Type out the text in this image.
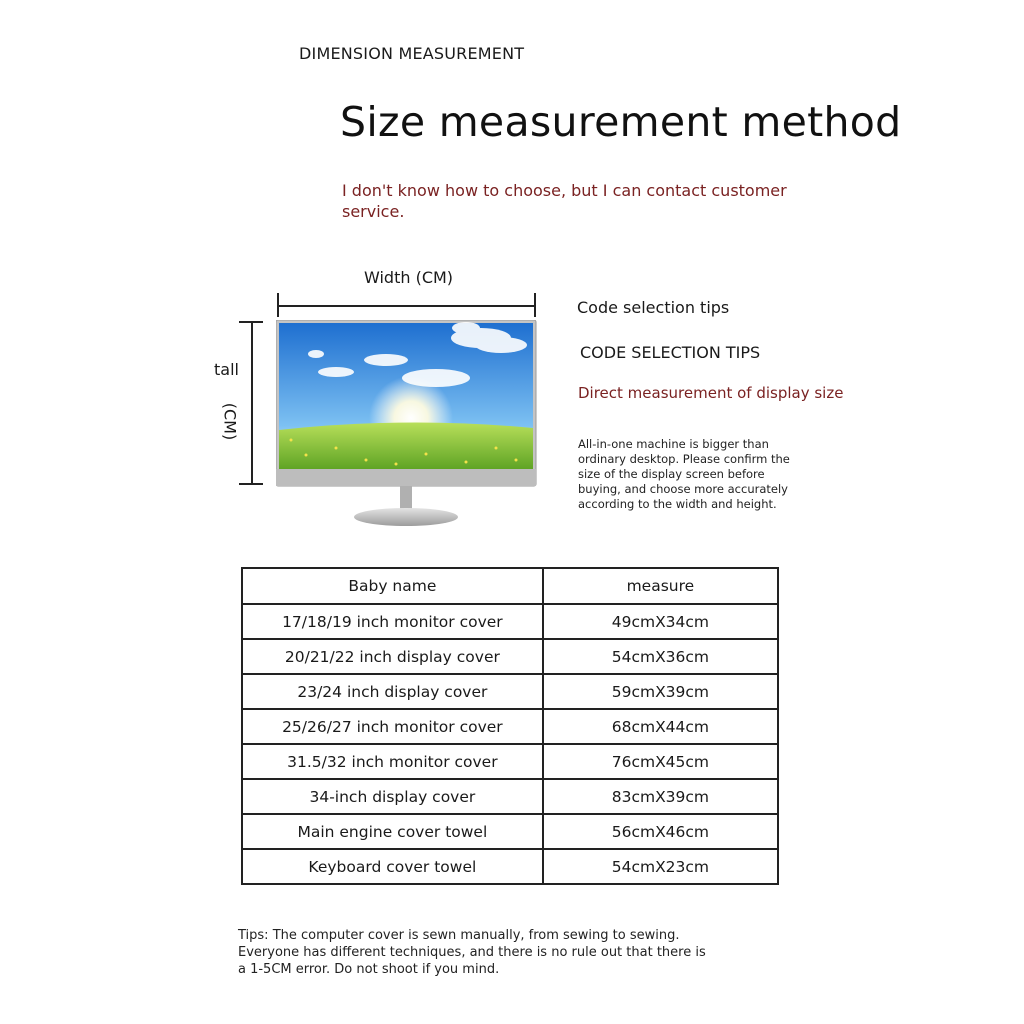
DIMENSION MEASUREMENT
Size measurement method
I don't know how to choose, but I can contact customer service.
Width (CM)
tall
(CM)
Code selection tips
CODE SELECTION TIPS
Direct measurement of display size
All-in-one machine is bigger than ordinary desktop. Please confirm the size of the display screen before buying, and choose more accurately according to the width and height.
Baby name	measure
17/18/19 inch monitor cover	49cmX34cm
20/21/22 inch display cover	54cmX36cm
23/24 inch display cover	59cmX39cm
25/26/27 inch monitor cover	68cmX44cm
31.5/32 inch monitor cover	76cmX45cm
34-inch display cover	83cmX39cm
Main engine cover towel	56cmX46cm
Keyboard cover towel	54cmX23cm
Tips: The computer cover is sewn manually, from sewing to sewing. Everyone has different techniques, and there is no rule out that there is a 1-5CM error. Do not shoot if you mind.
